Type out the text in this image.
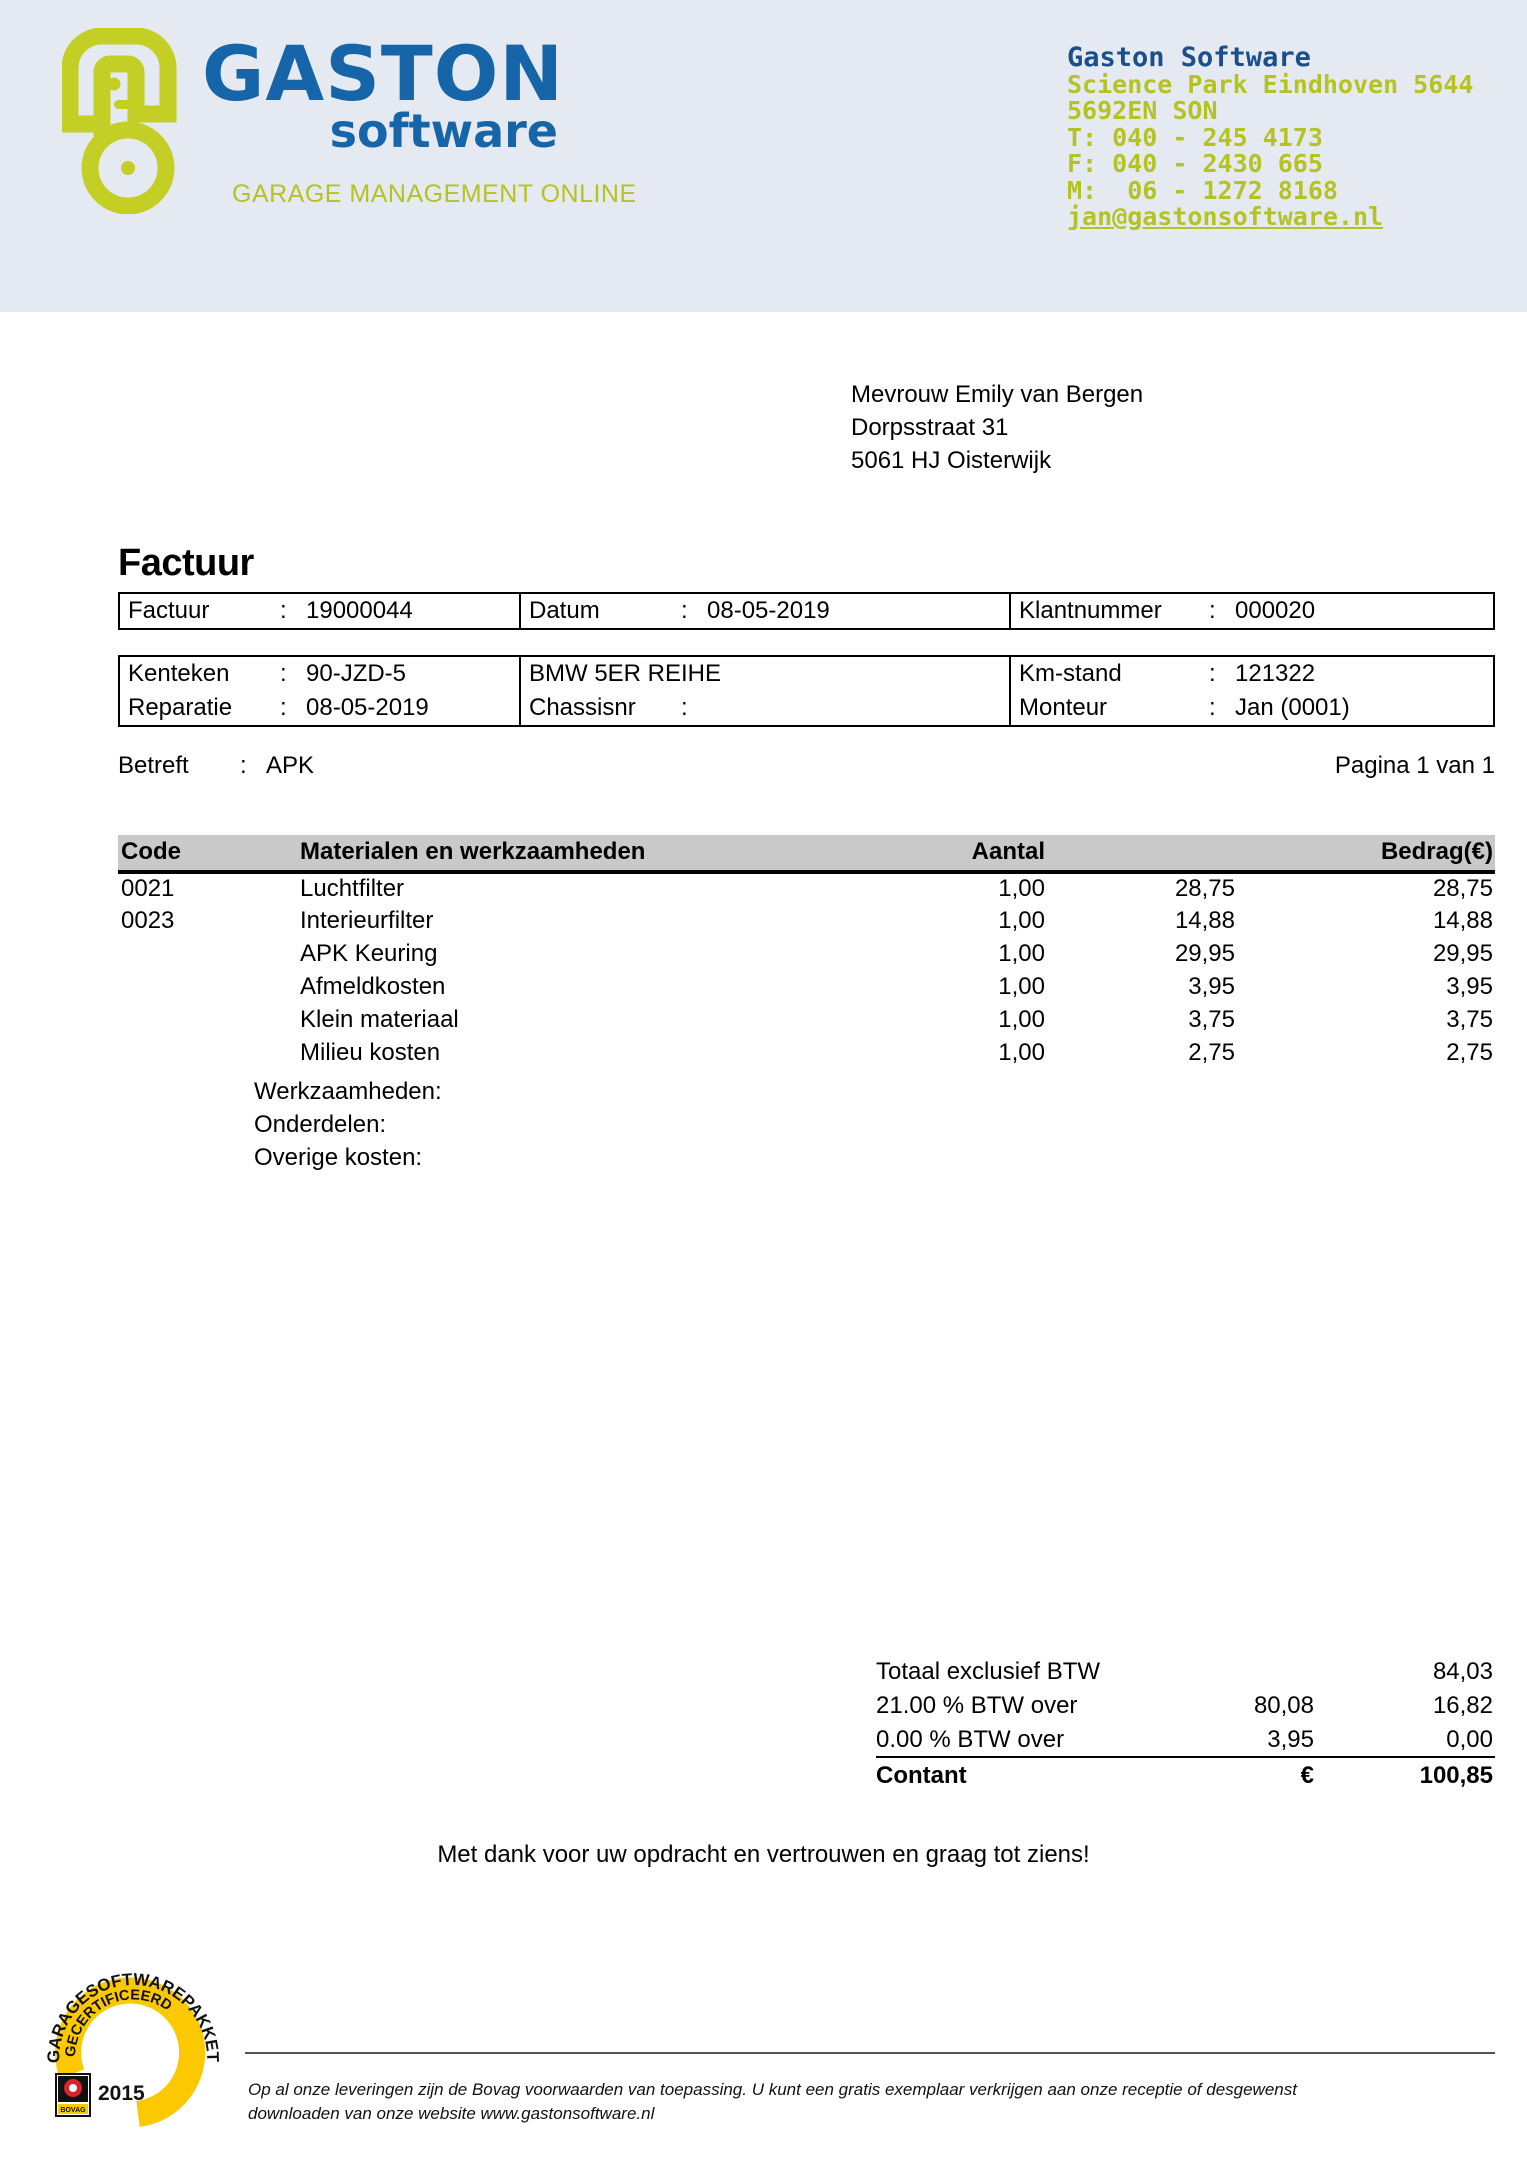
GASTON
software
GARAGE MANAGEMENT ONLINE
Gaston Software
Science Park Eindhoven 5644
5692EN SON
T: 040 - 245 4173
F: 040 - 2430 665
M:  06 - 1272 8168
jan@gastonsoftware.nl
Mevrouw Emily van Bergen
Dorpsstraat 31
5061 HJ Oisterwijk
Factuur
Factuur	: 19000044	Datum	: 08-05-2019	Klantnummer : 000020
Kenteken : 90-JZD-5	BMW 5ER REIHE	Km-stand : 121322
Reparatie : 08-05-2019	Chassisnr :	Monteur : Jan (0001)
Betreft : APK	Pagina 1 van 1
Code	Materialen en werkzaamheden	Aantal		Bedrag(€)
0021	Luchtfilter	1,00	28,75	28,75
0023	Interieurfilter	1,00	14,88	14,88
	APK Keuring	1,00	29,95	29,95
	Afmeldkosten	1,00	3,95	3,95
	Klein materiaal	1,00	3,75	3,75
	Milieu kosten	1,00	2,75	2,75
Werkzaamheden:
Onderdelen:
Overige kosten:
Totaal exclusief BTW		84,03
21.00 % BTW over	80,08	16,82
0.00 % BTW over	3,95	0,00
Contant	€	100,85
Met dank voor uw opdracht en vertrouwen en graag tot ziens!
GARAGESOFTWAREPAKKET
GECERTIFICEERD
BOVAG
2015	Op al onze leveringen zijn de Bovag voorwaarden van toepassing. U kunt een gratis exemplaar verkrijgen aan onze receptie of desgewenst
downloaden van onze website www.gastonsoftware.nl
